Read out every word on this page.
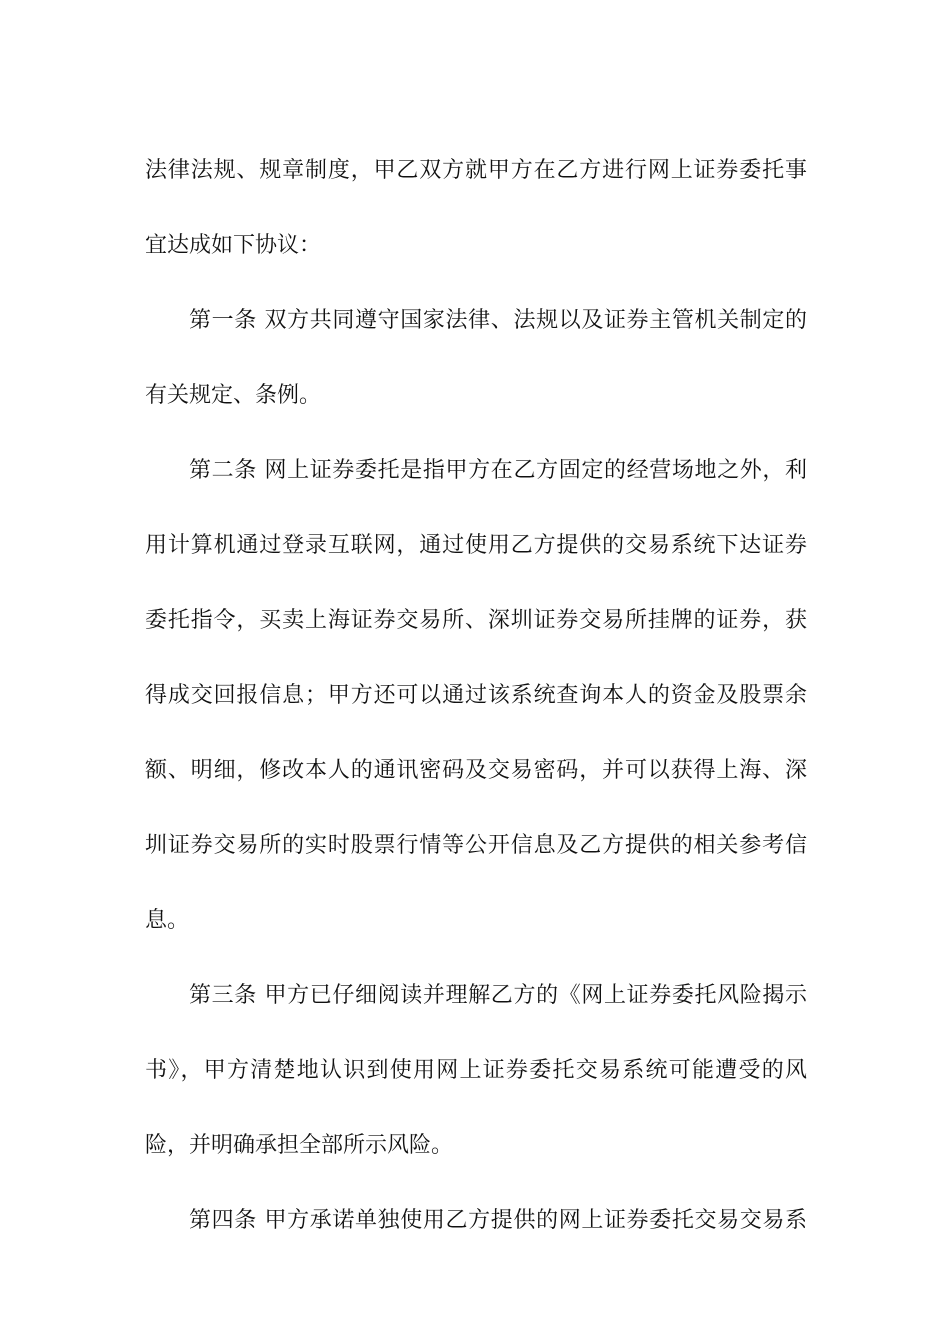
法律法规、规章制度，甲乙双方就甲方在乙方进行网上证券委托事
宜达成如下协议：
第一条 双方共同遵守国家法律、法规以及证券主管机关制定的
有关规定、条例。
第二条 网上证券委托是指甲方在乙方固定的经营场地之外，利
用计算机通过登录互联网，通过使用乙方提供的交易系统下达证券
委托指令，买卖上海证券交易所、深圳证券交易所挂牌的证券，获
得成交回报信息；甲方还可以通过该系统查询本人的资金及股票余
额、明细，修改本人的通讯密码及交易密码，并可以获得上海、深
圳证券交易所的实时股票行情等公开信息及乙方提供的相关参考信
息。
第三条 甲方已仔细阅读并理解乙方的《网上证券委托风险揭示
书》，甲方清楚地认识到使用网上证券委托交易系统可能遭受的风
险，并明确承担全部所示风险。
第四条 甲方承诺单独使用乙方提供的网上证券委托交易交易系
